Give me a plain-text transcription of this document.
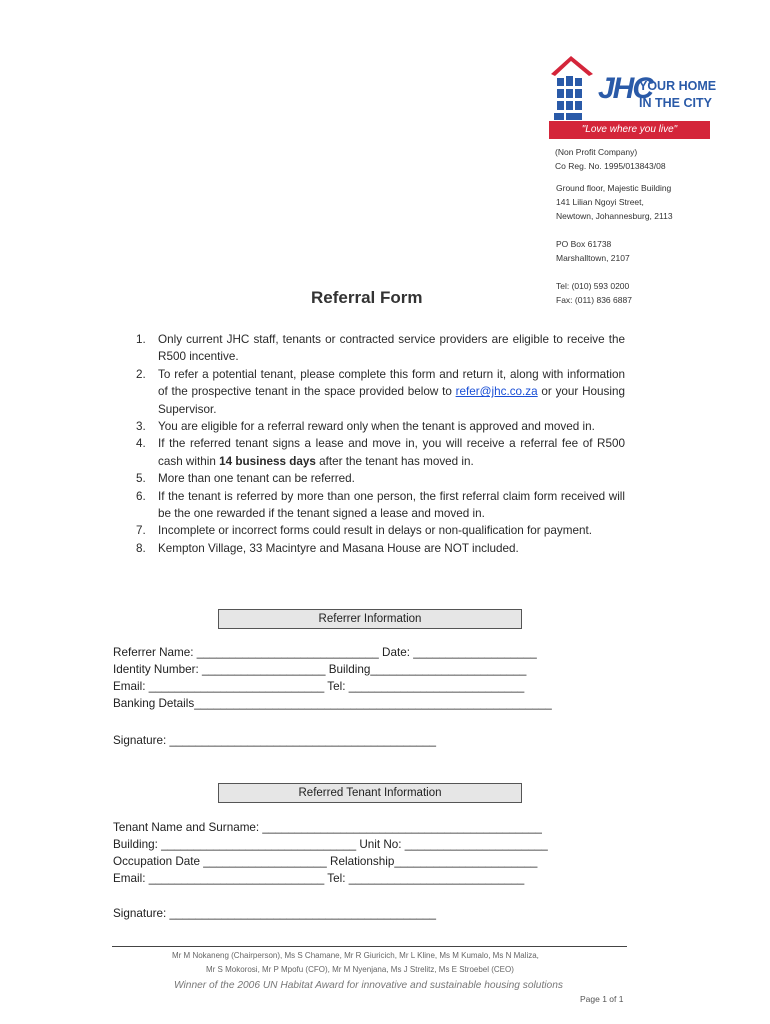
JHC
YOUR HOME
IN THE CITY
"Love where you live"
(Non Profit Company)
Co Reg. No. 1995/013843/08
Ground floor, Majestic Building
141 Lilian Ngoyi Street,
Newtown, Johannesburg, 2113
PO Box 61738
Marshalltown, 2107
Tel: (010) 593 0200
Fax: (011) 836 6887
Referral Form
1. Only current JHC staff, tenants or contracted service providers are eligible to receive the R500 incentive.
2. To refer a potential tenant, please complete this form and return it, along with information of the prospective tenant in the space provided below to refer@jhc.co.za or your Housing Supervisor.
3. You are eligible for a referral reward only when the tenant is approved and moved in.
4. If the referred tenant signs a lease and move in, you will receive a referral fee of R500 cash within 14 business days after the tenant has moved in.
5. More than one tenant can be referred.
6. If the tenant is referred by more than one person, the first referral claim form received will be the one rewarded if the tenant signed a lease and moved in.
7. Incomplete or incorrect forms could result in delays or non-qualification for payment.
8. Kempton Village, 33 Macintyre and Masana House are NOT included.
Referrer Information
Referrer Name: ____________________________ Date: ___________________
Identity Number: ___________________ Building________________________
Email: ___________________________ Tel: ___________________________
Banking Details_______________________________________________________
Signature: _________________________________________
Referred Tenant Information
Tenant Name and Surname: ___________________________________________
Building: ______________________________ Unit No: ______________________
Occupation Date ___________________ Relationship______________________
Email: ___________________________ Tel: ___________________________
Signature: _________________________________________
Mr M Nokaneng (Chairperson), Ms S Chamane, Mr R Giuricich, Mr L Kline, Ms M Kumalo, Ms N Maliza,
Mr S Mokorosi, Mr P Mpofu (CFO), Mr M Nyenjana, Ms J Strelitz, Ms E Stroebel (CEO)
Winner of the 2006 UN Habitat Award for innovative and sustainable housing solutions
Page 1 of 1
